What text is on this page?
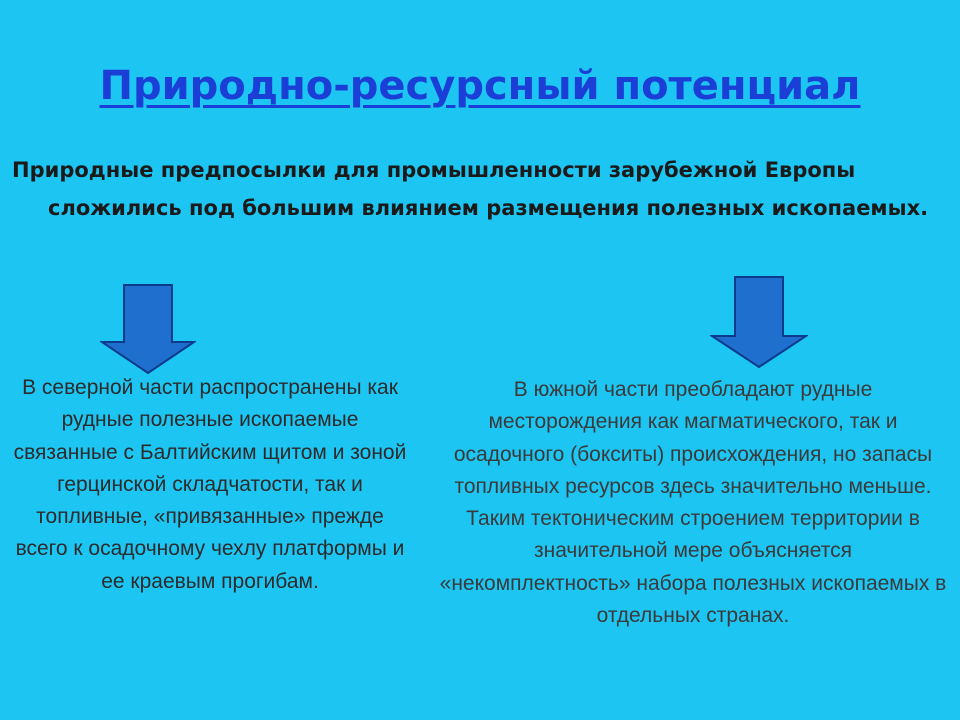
Природно-ресурсный потенциал

Природные предпосылки для промышленности зарубежной Европы сложились под большим влиянием размещения полезных ископаемых.

В северной части распространены как рудные полезные ископаемые связанные с Балтийским щитом и зоной герцинской складчатости, так и топливные, «привязанные» прежде всего к осадочному чехлу платформы и ее краевым прогибам.

В южной части преобладают рудные месторождения как магматического, так и осадочного (бокситы) происхождения, но запасы топливных ресурсов здесь значительно меньше. Таким тектоническим строением территории в значительной мере объясняется «некомплектность» набора полезных ископаемых в отдельных странах.
